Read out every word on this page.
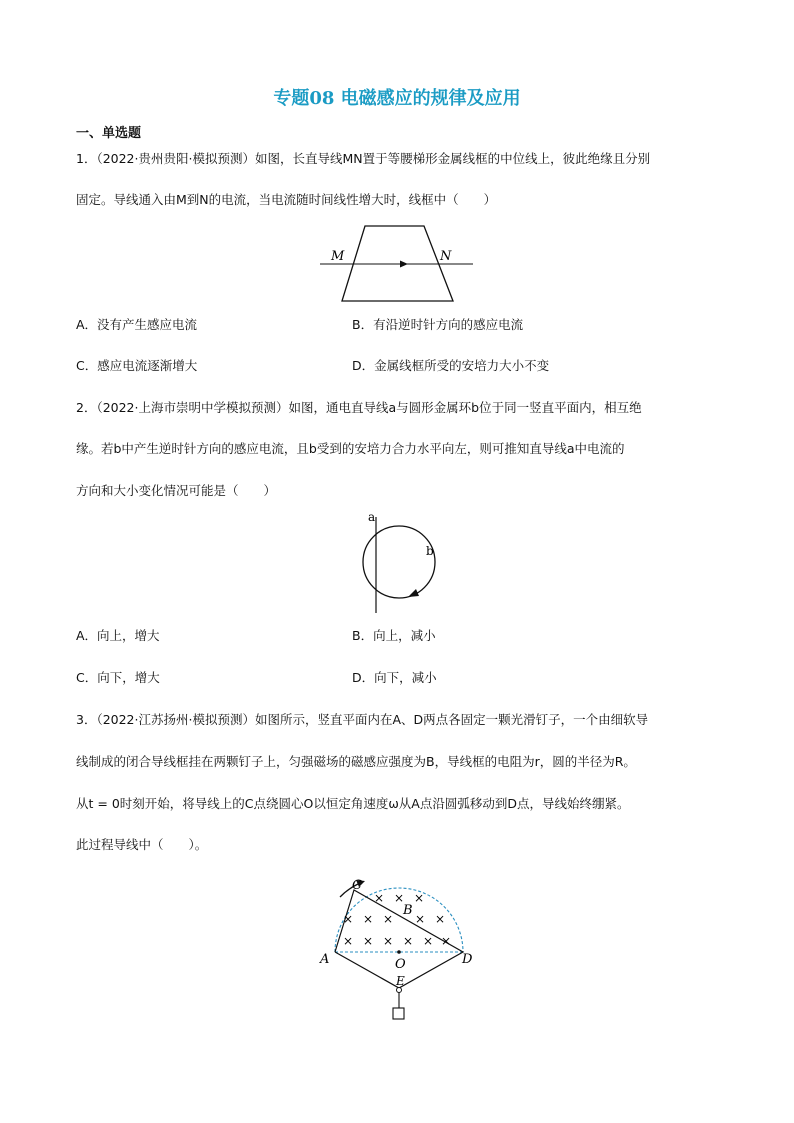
专题08 电磁感应的规律及应用
一、单选题
1．（2022·贵州贵阳·模拟预测）如图，长直导线MN置于等腰梯形金属线框的中位线上，彼此绝缘且分别
固定。导线通入由M到N的电流，当电流随时间线性增大时，线框中（　　）
M	N
A．没有产生感应电流	B．有沿逆时针方向的感应电流
C．感应电流逐渐增大	D．金属线框所受的安培力大小不变
2．（2022·上海市崇明中学模拟预测）如图，通电直导线a与圆形金属环b位于同一竖直平面内，相互绝
缘。若b中产生逆时针方向的感应电流，且b受到的安培力合力水平向左，则可推知直导线a中电流的
方向和大小变化情况可能是（　　）
a
b
A．向上，增大	B．向上，减小
C．向下，增大	D．向下，减小
3．（2022·江苏扬州·模拟预测）如图所示，竖直平面内在A、D两点各固定一颗光滑钉子，一个由细软导
线制成的闭合导线框挂在两颗钉子上，匀强磁场的磁感应强度为B，导线框的电阻为r，圆的半径为R。
从t = 0时刻开始，将导线上的C点绕圆心O以恒定角速度ω从A点沿圆弧移动到D点，导线始终绷紧。
此过程导线中（　　）。
× × ×
× × × × ×
× × × × × ×
C
B
A	D
O
E
